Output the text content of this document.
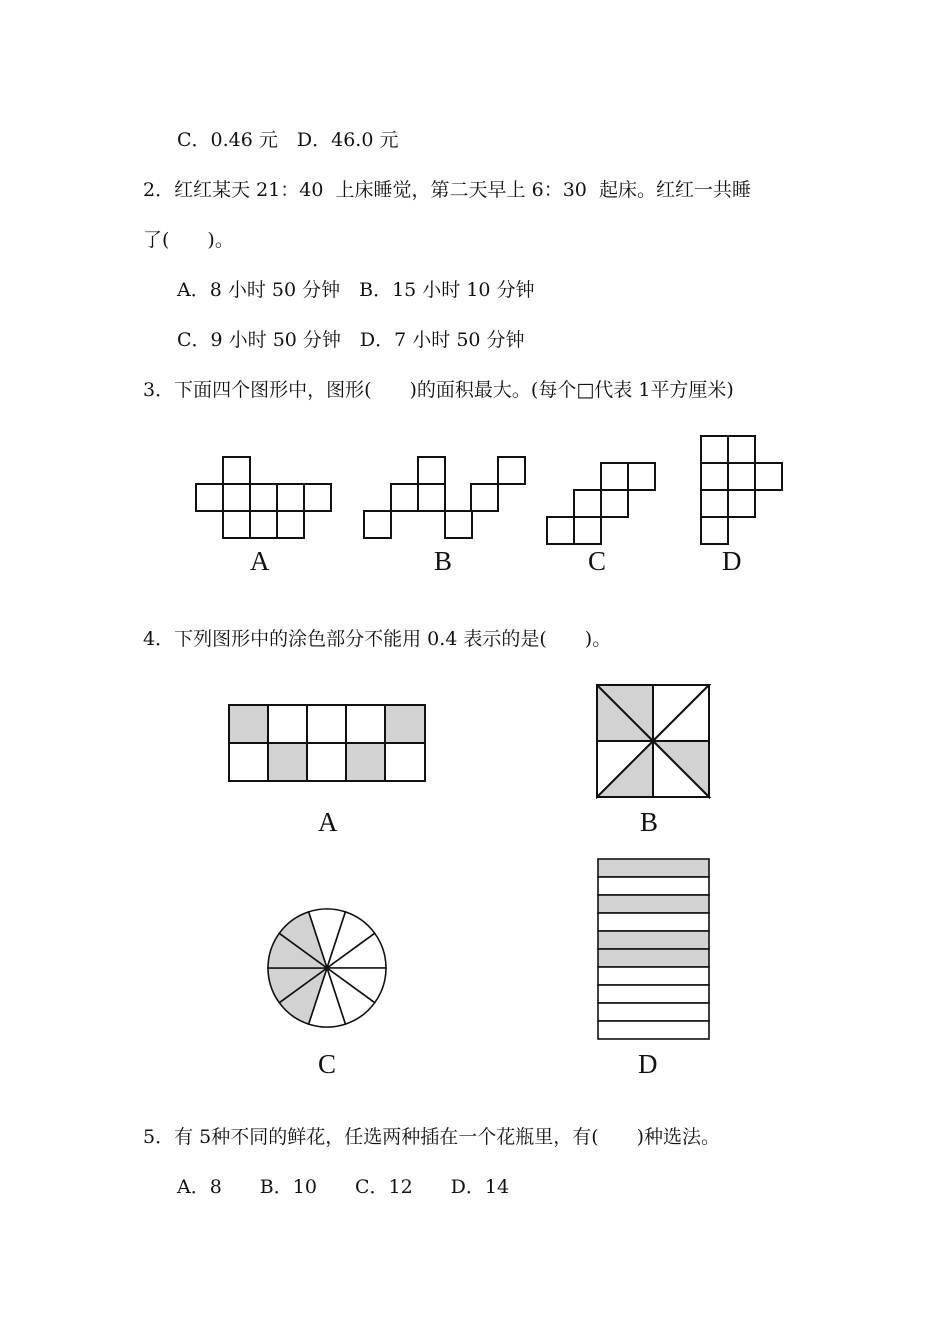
C．0.46 元　D．46.0 元
2．红红某天 21：40  上床睡觉，第二天早上 6：30  起床。红红一共睡
了(　　)。
A．8 小时 50 分钟　B．15 小时 10 分钟
C．9 小时 50 分钟　D．7 小时 50 分钟
3．下面四个图形中，图形(　　)的面积最大。(每个□代表 1平方厘米)
4．下列图形中的涂色部分不能用 0.4 表示的是(　　)。
5．有 5种不同的鲜花，任选两种插在一个花瓶里，有(　　)种选法。
A．8　　B．10　　C．12　　D．14
A	B	C	D
A	B
C	D
